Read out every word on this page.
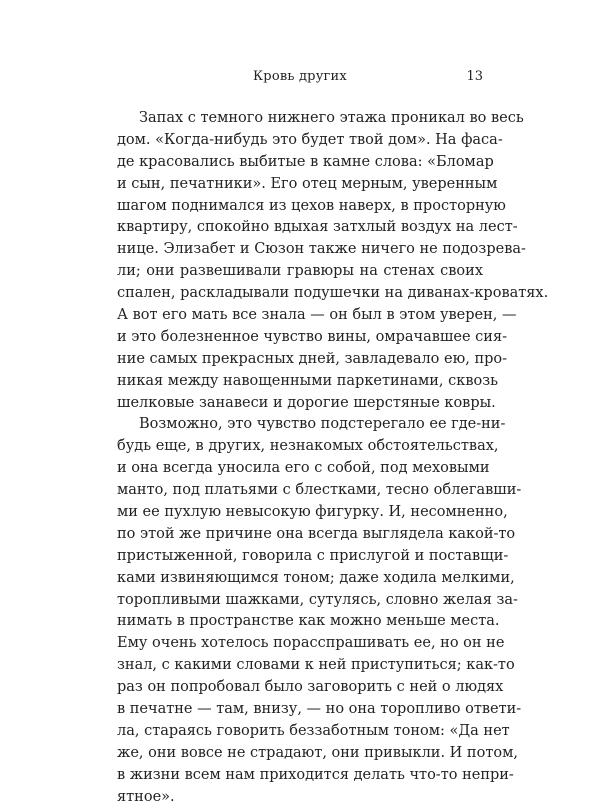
Кровь других	13

Запах с темного нижнего этажа проникал во весь
дом. «Когда-нибудь это будет твой дом». На фаса-
де красовались выбитые в камне слова: «Бломар
и сын, печатники». Его отец мерным, уверенным
шагом поднимался из цехов наверх, в просторную
квартиру, спокойно вдыхая затхлый воздух на лест-
нице. Элизабет и Сюзон также ничего не подозрева-
ли; они развешивали гравюры на стенах своих
спален, раскладывали подушечки на диванах-кроватях.
А вот его мать все знала — он был в этом уверен, —
и это болезненное чувство вины, омрачавшее сия-
ние самых прекрасных дней, завладевало ею, про-
никая между навощенными паркетинами, сквозь
шелковые занавеси и дорогие шерстяные ковры.

Возможно, это чувство подстерегало ее где-ни-
будь еще, в других, незнакомых обстоятельствах,
и она всегда уносила его с собой, под меховыми
манто, под платьями с блестками, тесно облегавши-
ми ее пухлую невысокую фигурку. И, несомненно,
по этой же причине она всегда выглядела какой-то
пристыженной, говорила с прислугой и поставщи-
ками извиняющимся тоном; даже ходила мелкими,
торопливыми шажками, сутулясь, словно желая за-
нимать в пространстве как можно меньше места.
Ему очень хотелось порасспрашивать ее, но он не
знал, с какими словами к ней приступиться; как-то
раз он попробовал было заговорить с ней о людях
в печатне — там, внизу, — но она торопливо ответи-
ла, стараясь говорить беззаботным тоном: «Да нет
же, они вовсе не страдают, они привыкли. И потом,
в жизни всем нам приходится делать что-то непри-
ятное».
